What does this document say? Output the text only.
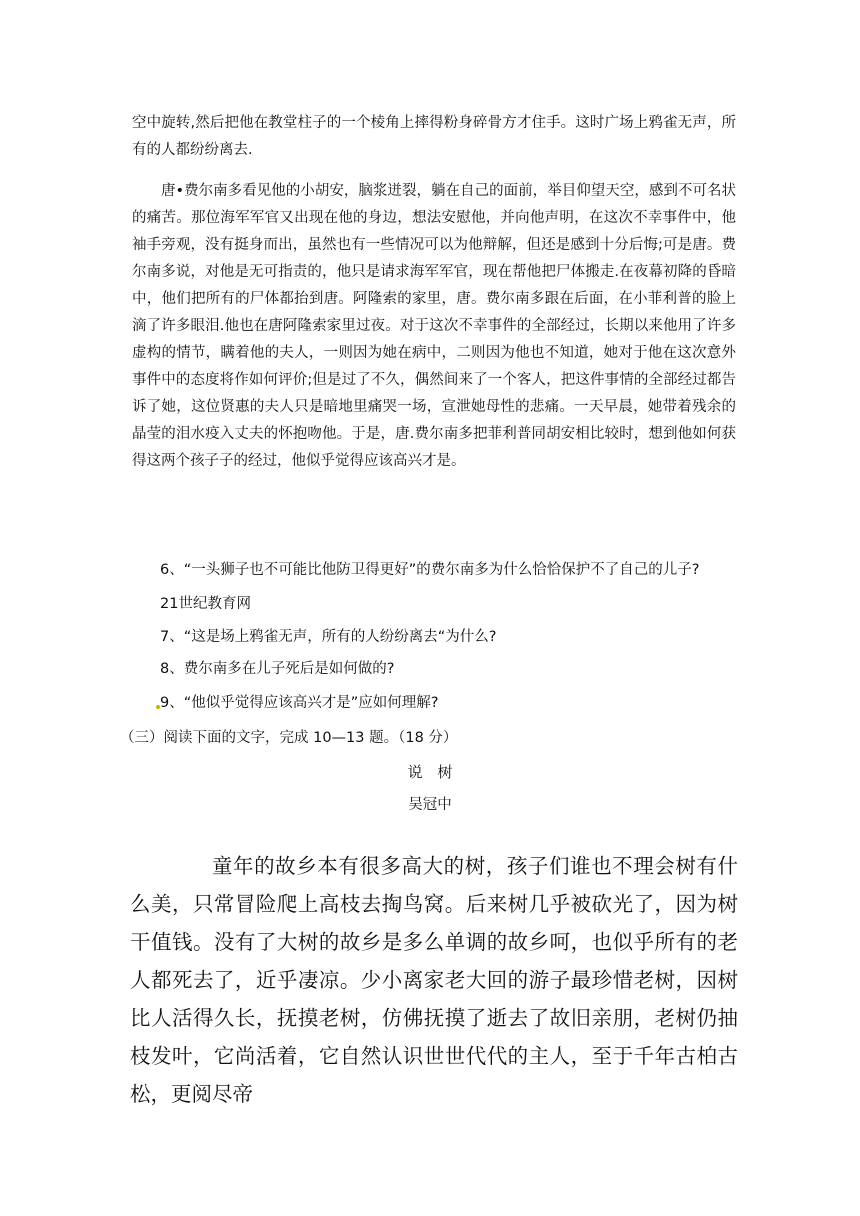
空中旋转,然后把他在教堂柱子的一个棱角上摔得粉身碎骨方才住手。这时广场上鸦雀无声，所有的人都纷纷离去.

唐•费尔南多看见他的小胡安，脑浆迸裂，躺在自己的面前，举目仰望天空，感到不可名状的痛苦。那位海军军官又出现在他的身边，想法安慰他，并向他声明，在这次不幸事件中，他袖手旁观，没有挺身而出，虽然也有一些情况可以为他辩解，但还是感到十分后悔;可是唐。费尔南多说，对他是无可指责的，他只是请求海军军官，现在帮他把尸体搬走.在夜幕初降的昏暗中，他们把所有的尸体都抬到唐。阿隆索的家里，唐。费尔南多跟在后面，在小菲利普的脸上滴了许多眼泪.他也在唐阿隆索家里过夜。对于这次不幸事件的全部经过，长期以来他用了许多虚构的情节，瞒着他的夫人，一则因为她在病中，二则因为他也不知道，她对于他在这次意外事件中的态度将作如何评价;但是过了不久，偶然间来了一个客人，把这件事情的全部经过都告诉了她，这位贤惠的夫人只是暗地里痛哭一场，宣泄她母性的悲痛。一天早晨，她带着残余的晶莹的泪水疫入丈夫的怀抱吻他。于是，唐.费尔南多把菲利普同胡安相比较时，想到他如何获得这两个孩子子的经过，他似乎觉得应该高兴才是。

6、“一头狮子也不可能比他防卫得更好”的费尔南多为什么恰恰保护不了自己的儿子?
21世纪教育网
7、“这是场上鸦雀无声，所有的人纷纷离去“为什么?
8、费尔南多在儿子死后是如何做的?
9、“他似乎觉得应该高兴才是”应如何理解?
（三）阅读下面的文字，完成 10—13 题。（18 分）
说　树
吴冠中

童年的故乡本有很多高大的树，孩子们谁也不理会树有什么美，只常冒险爬上高枝去掏鸟窝。后来树几乎被砍光了，因为树干值钱。没有了大树的故乡是多么单调的故乡呵，也似乎所有的老人都死去了，近乎凄凉。少小离家老大回的游子最珍惜老树，因树比人活得久长，抚摸老树，仿佛抚摸了逝去了故旧亲朋，老树仍抽枝发叶，它尚活着，它自然认识世世代代的主人，至于千年古柏古松，更阅尽帝
